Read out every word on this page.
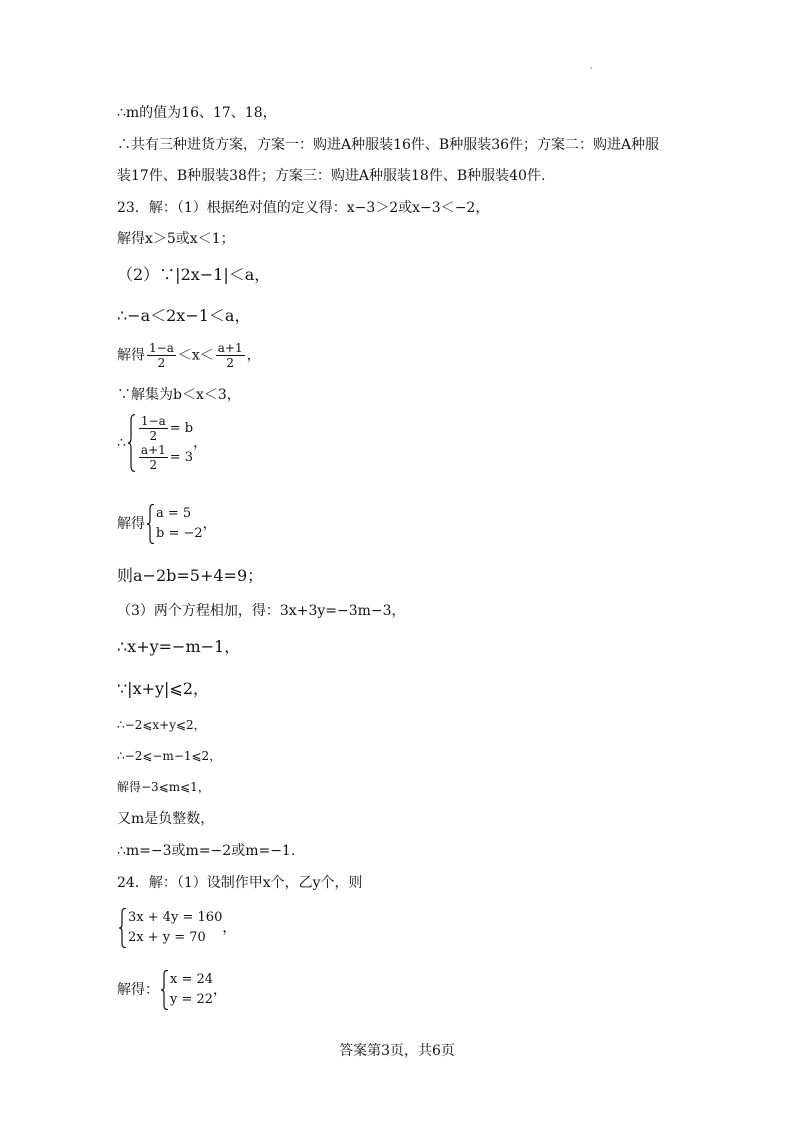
∴m的值为16、17、18，
∴共有三种进货方案，方案一：购进A种服装16件、B种服装36件；方案二：购进A种服
装17件、B种服装38件；方案三：购进A种服装18件、B种服装40件.
23．解：（1）根据绝对值的定义得：x−3＞2或x−3＜−2，
解得x＞5或x＜1；
（2）∵|2x−1|＜a，
∴−a＜2x−1＜a，
解得 $\frac{1-a}{2} <x< \frac{a+1}{2}$ ，
∵解集为b＜x＜3，
∴ $\frac{1-a}{2} = b$
$\frac{a+1}{2} = 3$
，
解得
a = 5
b = −2
，
则a−2b=5+4=9；
（3）两个方程相加，得：3x+3y=−3m−3，
∴x+y=−m−1，
∵|x+y|⩽2，
∴−2⩽x+y⩽2，
∴−2⩽−m−1⩽2，
解得−3⩽m⩽1，
又m是负整数，
∴m=−3或m=−2或m=−1.
24．解：（1）设制作甲x个，乙y个，则
3x + 4y = 160
2x + y = 70
，
解得：
x = 24
y = 22
，
答案第3页，共6页
